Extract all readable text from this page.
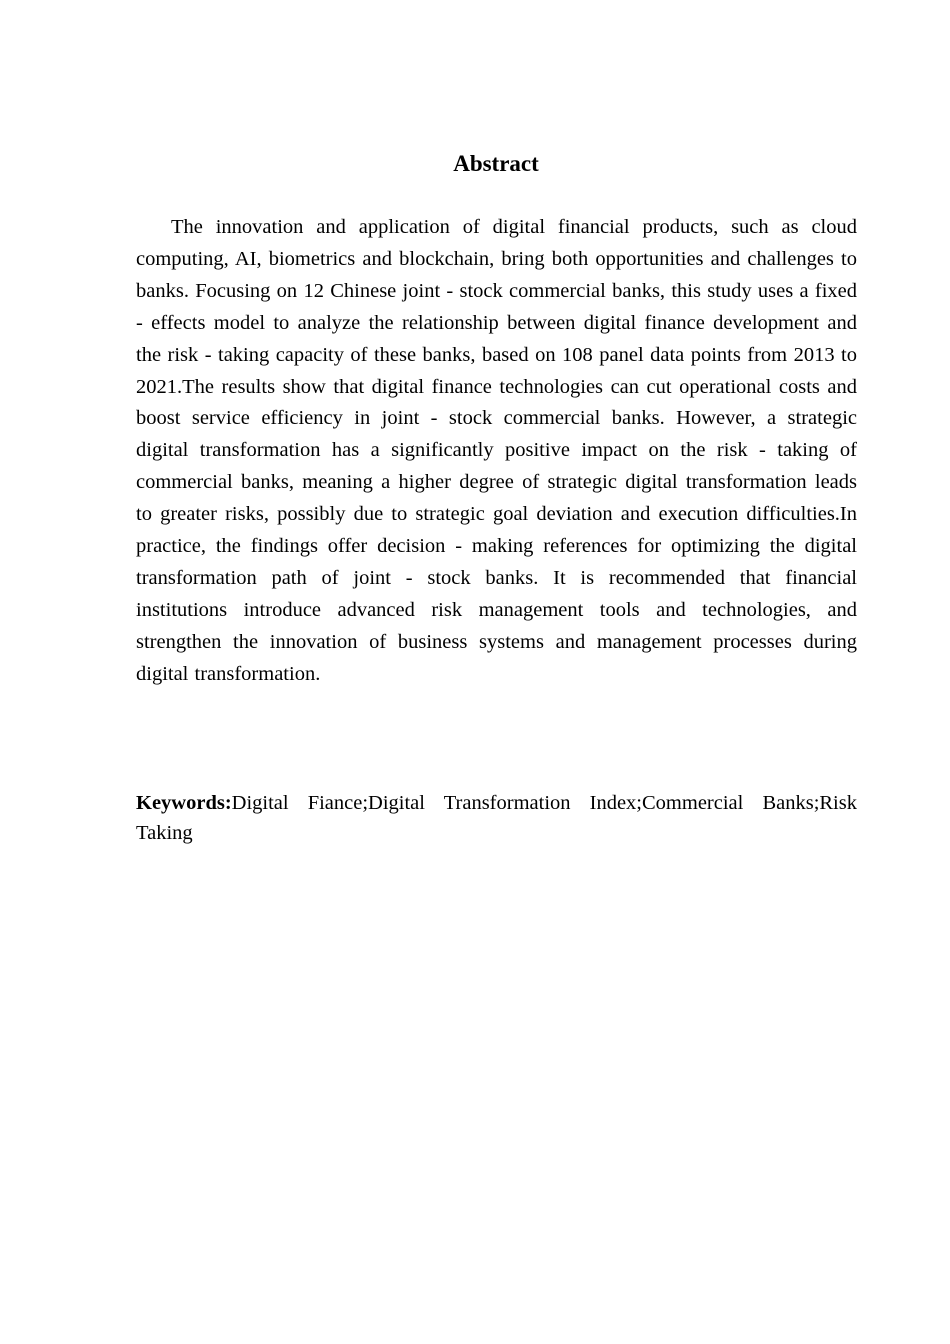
Abstract

The innovation and application of digital financial products, such as cloud computing, AI, biometrics and blockchain, bring both opportunities and challenges to banks. Focusing on 12 Chinese joint - stock commercial banks, this study uses a fixed - effects model to analyze the relationship between digital finance development and the risk - taking capacity of these banks, based on 108 panel data points from 2013 to 2021.The results show that digital finance technologies can cut operational costs and boost service efficiency in joint - stock commercial banks. However, a strategic digital transformation has a significantly positive impact on the risk - taking of commercial banks, meaning a higher degree of strategic digital transformation leads to greater risks, possibly due to strategic goal deviation and execution difficulties.In practice, the findings offer decision - making references for optimizing the digital transformation path of joint - stock banks. It is recommended that financial institutions introduce advanced risk management tools and technologies, and strengthen the innovation of business systems and management processes during digital transformation.

Keywords:Digital Fiance;Digital Transformation Index;Commercial Banks;Risk Taking
